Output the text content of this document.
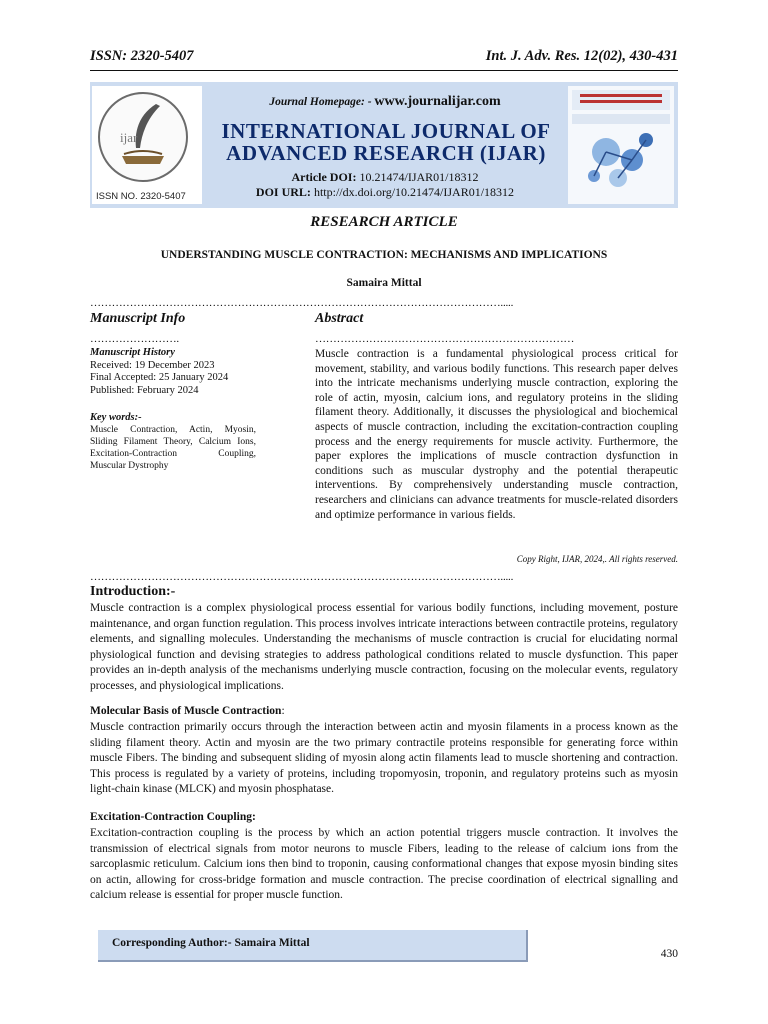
ISSN: 2320-5407	Int. J. Adv. Res. 12(02), 430-431
ijar
ISSN NO. 2320-5407
Journal Homepage: - www.journalijar.com
INTERNATIONAL JOURNAL OF
ADVANCED RESEARCH (IJAR)
Article DOI: 10.21474/IJAR01/18312
DOI URL: http://dx.doi.org/10.21474/IJAR01/18312
RESEARCH ARTICLE
UNDERSTANDING MUSCLE CONTRACTION: MECHANISMS AND IMPLICATIONS
Samaira Mittal
…………………………………………………………………………………………………….....
Manuscript Info	Abstract
…………………….	………………………………………………………………
Manuscript History
Received: 19 December 2023
Final Accepted: 25 January 2024
Published: February 2024
Key words:-
Muscle Contraction, Actin, Myosin,
Sliding Filament Theory, Calcium Ions,
Excitation-Contraction Coupling,
Muscular Dystrophy
Muscle contraction is a fundamental physiological process critical for movement, stability, and various bodily functions. This research paper delves into the intricate mechanisms underlying muscle contraction, exploring the role of actin, myosin, calcium ions, and regulatory proteins in the sliding filament theory. Additionally, it discusses the physiological and biochemical aspects of muscle contraction, including the excitation-contraction coupling process and the energy requirements for muscle activity. Furthermore, the paper explores the implications of muscle contraction dysfunction in conditions such as muscular dystrophy and the potential therapeutic interventions. By comprehensively understanding muscle contraction, researchers and clinicians can advance treatments for muscle-related disorders and optimize performance in various fields.
Copy Right, IJAR, 2024,. All rights reserved.
…………………………………………………………………………………………………….....
Introduction:-
Muscle contraction is a complex physiological process essential for various bodily functions, including movement, posture maintenance, and organ function regulation. This process involves intricate interactions between contractile proteins, regulatory elements, and signalling molecules. Understanding the mechanisms of muscle contraction is crucial for elucidating normal physiological function and devising strategies to address pathological conditions related to muscle dysfunction. This paper provides an in-depth analysis of the mechanisms underlying muscle contraction, focusing on the molecular events, regulatory processes, and physiological implications.
Molecular Basis of Muscle Contraction:
Muscle contraction primarily occurs through the interaction between actin and myosin filaments in a process known as the sliding filament theory. Actin and myosin are the two primary contractile proteins responsible for generating force within muscle Fibers. The binding and subsequent sliding of myosin along actin filaments lead to muscle shortening and contraction. This process is regulated by a variety of proteins, including tropomyosin, troponin, and regulatory proteins such as myosin light-chain kinase (MLCK) and myosin phosphatase.
Excitation-Contraction Coupling:
Excitation-contraction coupling is the process by which an action potential triggers muscle contraction. It involves the transmission of electrical signals from motor neurons to muscle Fibers, leading to the release of calcium ions from the sarcoplasmic reticulum. Calcium ions then bind to troponin, causing conformational changes that expose myosin binding sites on actin, allowing for cross-bridge formation and muscle contraction. The precise coordination of electrical signalling and calcium release is essential for proper muscle function.
Corresponding Author:- Samaira Mittal
430
